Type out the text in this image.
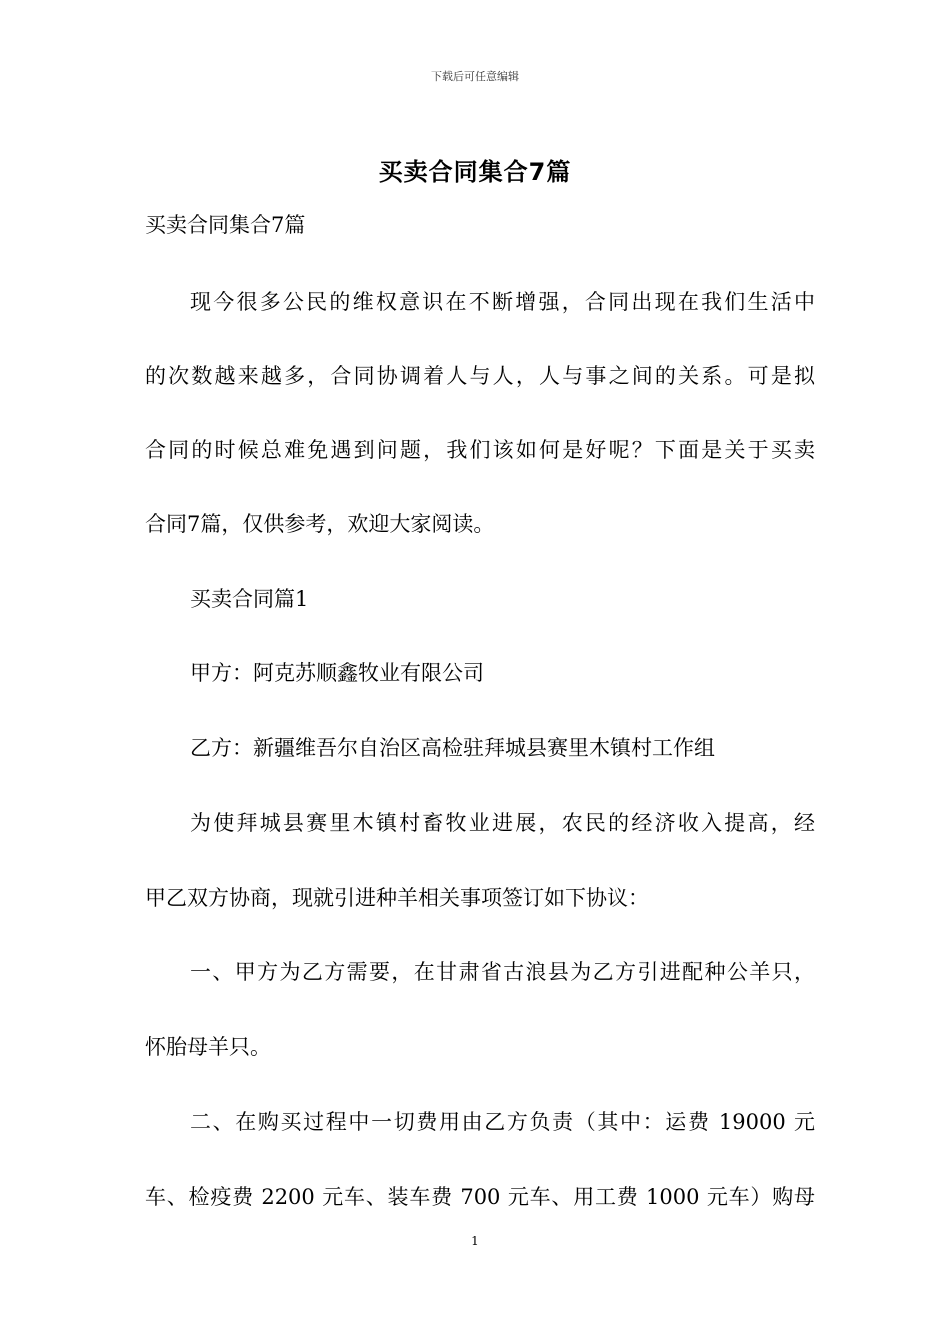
下载后可任意编辑
买卖合同集合7篇
买卖合同集合7篇
现今很多公民的维权意识在不断增强，合同出现在我们生活中
的次数越来越多，合同协调着人与人，人与事之间的关系。可是拟
合同的时候总难免遇到问题，我们该如何是好呢？下面是关于买卖
合同7篇，仅供参考，欢迎大家阅读。
买卖合同篇1
甲方：阿克苏顺鑫牧业有限公司
乙方：新疆维吾尔自治区高检驻拜城县赛里木镇村工作组
为使拜城县赛里木镇村畜牧业进展，农民的经济收入提高，经
甲乙双方协商，现就引进种羊相关事项签订如下协议：
一、甲方为乙方需要，在甘肃省古浪县为乙方引进配种公羊只，
怀胎母羊只。
二、在购买过程中一切费用由乙方负责（其中：运费 19000 元
车、检疫费 2200 元车、装车费 700 元车、用工费 1000 元车）购母
1
